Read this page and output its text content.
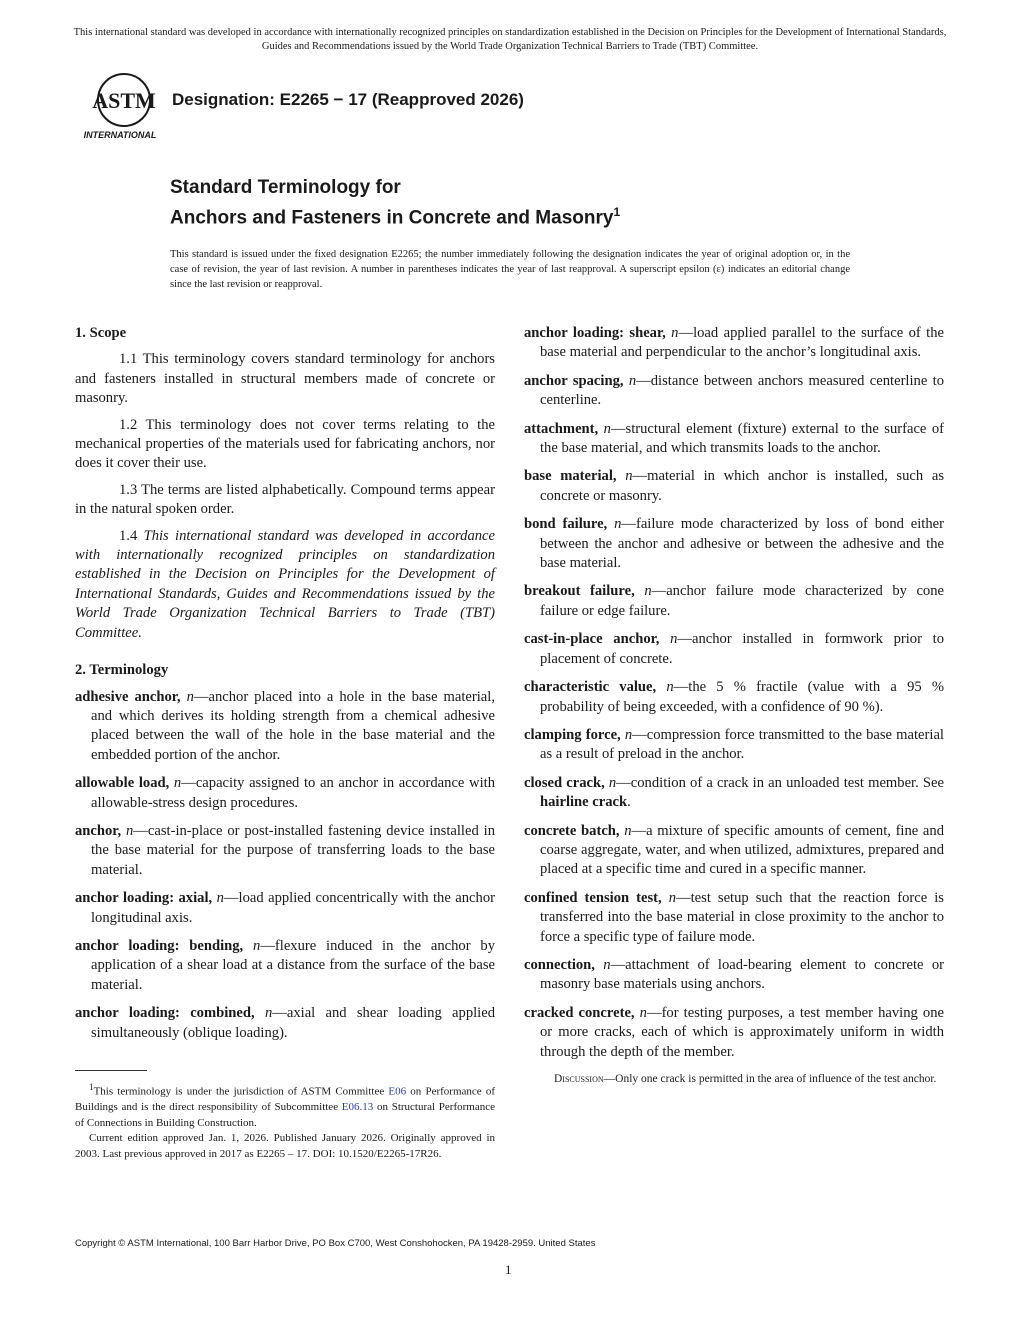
This international standard was developed in accordance with internationally recognized principles on standardization established in the Decision on Principles for the Development of International Standards, Guides and Recommendations issued by the World Trade Organization Technical Barriers to Trade (TBT) Committee.
ASTM
INTERNATIONAL
Designation: E2265 − 17 (Reapproved 2026)
Standard Terminology for
Anchors and Fasteners in Concrete and Masonry$^1$
This standard is issued under the fixed designation E2265; the number immediately following the designation indicates the year of original adoption or, in the case of revision, the year of last revision. A number in parentheses indicates the year of last reapproval. A superscript epsilon (ε) indicates an editorial change since the last revision or reapproval.

1. Scope

1.1 This terminology covers standard terminology for anchors and fasteners installed in structural members made of concrete or masonry.

1.2 This terminology does not cover terms relating to the mechanical properties of the materials used for fabricating anchors, nor does it cover their use.

1.3 The terms are listed alphabetically. Compound terms appear in the natural spoken order.

1.4 This international standard was developed in accordance with internationally recognized principles on standardization established in the Decision on Principles for the Development of International Standards, Guides and Recommendations issued by the World Trade Organization Technical Barriers to Trade (TBT) Committee.

2. Terminology

adhesive anchor, n—anchor placed into a hole in the base material, and which derives its holding strength from a chemical adhesive placed between the wall of the hole in the base material and the embedded portion of the anchor.

allowable load, n—capacity assigned to an anchor in accordance with allowable-stress design procedures.

anchor, n—cast-in-place or post-installed fastening device installed in the base material for the purpose of transferring loads to the base material.

anchor loading: axial, n—load applied concentrically with the anchor longitudinal axis.

anchor loading: bending, n—flexure induced in the anchor by application of a shear load at a distance from the surface of the base material.

anchor loading: combined, n—axial and shear loading applied simultaneously (oblique loading).

anchor loading: shear, n—load applied parallel to the surface of the base material and perpendicular to the anchor’s longitudinal axis.

anchor spacing, n—distance between anchors measured centerline to centerline.

attachment, n—structural element (fixture) external to the surface of the base material, and which transmits loads to the anchor.

base material, n—material in which anchor is installed, such as concrete or masonry.

bond failure, n—failure mode characterized by loss of bond either between the anchor and adhesive or between the adhesive and the base material.

breakout failure, n—anchor failure mode characterized by cone failure or edge failure.

cast-in-place anchor, n—anchor installed in formwork prior to placement of concrete.

characteristic value, n—the 5 % fractile (value with a 95 % probability of being exceeded, with a confidence of 90 %).

clamping force, n—compression force transmitted to the base material as a result of preload in the anchor.

closed crack, n—condition of a crack in an unloaded test member. See hairline crack.

concrete batch, n—a mixture of specific amounts of cement, fine and coarse aggregate, water, and when utilized, admixtures, prepared and placed at a specific time and cured in a specific manner.

confined tension test, n—test setup such that the reaction force is transferred into the base material in close proximity to the anchor to force a specific type of failure mode.

connection, n—attachment of load-bearing element to concrete or masonry base materials using anchors.

cracked concrete, n—for testing purposes, a test member having one or more cracks, each of which is approximately uniform in width through the depth of the member.

Discussion—Only one crack is permitted in the area of influence of the test anchor.

$^1$This terminology is under the jurisdiction of ASTM Committee E06 on Performance of Buildings and is the direct responsibility of Subcommittee E06.13 on Structural Performance of Connections in Building Construction.

Current edition approved Jan. 1, 2026. Published January 2026. Originally approved in 2003. Last previous approved in 2017 as E2265 – 17. DOI: 10.1520/E2265-17R26.

Copyright © ASTM International, 100 Barr Harbor Drive, PO Box C700, West Conshohocken, PA 19428-2959. United States
1
